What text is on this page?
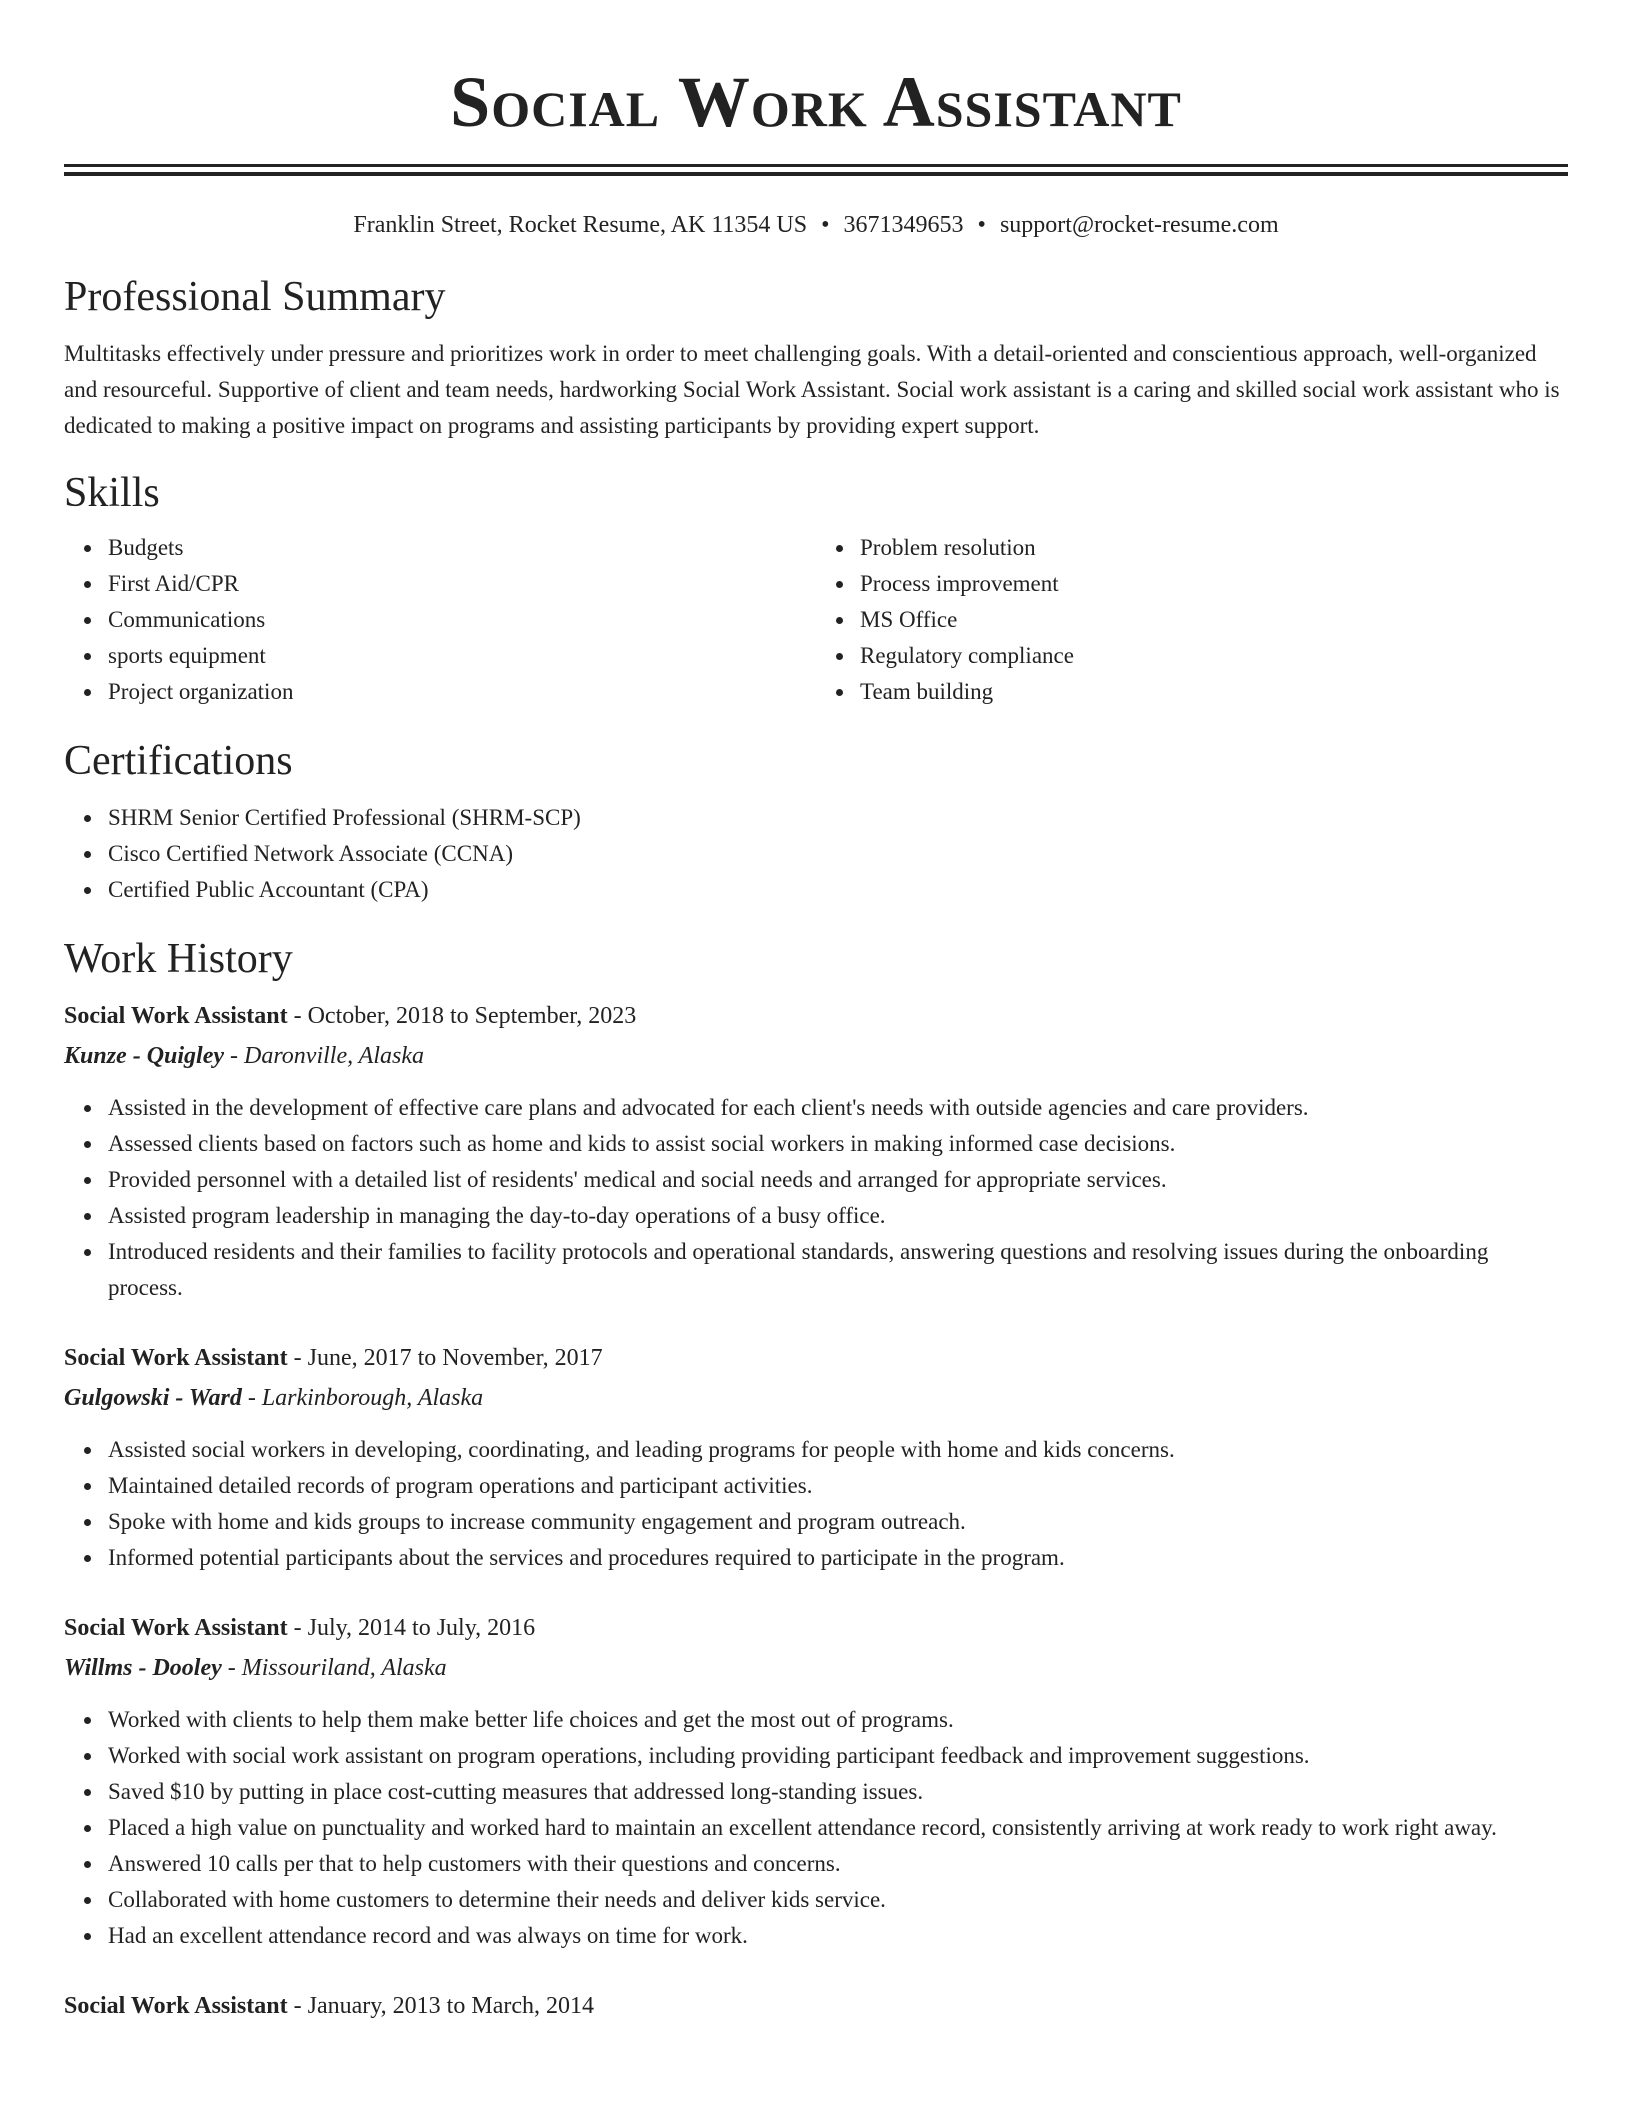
Social Work Assistant
Franklin Street, Rocket Resume, AK 11354 US • 3671349653 • support@rocket-resume.com
Professional Summary

Multitasks effectively under pressure and prioritizes work in order to meet challenging goals. With a detail-oriented and conscientious approach, well-organized and resourceful. Supportive of client and team needs, hardworking Social Work Assistant. Social work assistant is a caring and skilled social work assistant who is dedicated to making a positive impact on programs and assisting participants by providing expert support.

Skills
Budgets
First Aid/CPR
Communications
sports equipment
Project organization
Problem resolution
Process improvement
MS Office
Regulatory compliance
Team building
Certifications
SHRM Senior Certified Professional (SHRM-SCP)
Cisco Certified Network Associate (CCNA)
Certified Public Accountant (CPA)
Work History
Social Work Assistant - October, 2018 to September, 2023
Kunze - Quigley - Daronville, Alaska
Assisted in the development of effective care plans and advocated for each client's needs with outside agencies and care providers.
Assessed clients based on factors such as home and kids to assist social workers in making informed case decisions.
Provided personnel with a detailed list of residents' medical and social needs and arranged for appropriate services.
Assisted program leadership in managing the day-to-day operations of a busy office.
Introduced residents and their families to facility protocols and operational standards, answering questions and resolving issues during the onboarding process.
Social Work Assistant - June, 2017 to November, 2017
Gulgowski - Ward - Larkinborough, Alaska
Assisted social workers in developing, coordinating, and leading programs for people with home and kids concerns.
Maintained detailed records of program operations and participant activities.
Spoke with home and kids groups to increase community engagement and program outreach.
Informed potential participants about the services and procedures required to participate in the program.
Social Work Assistant - July, 2014 to July, 2016
Willms - Dooley - Missouriland, Alaska
Worked with clients to help them make better life choices and get the most out of programs.
Worked with social work assistant on program operations, including providing participant feedback and improvement suggestions.
Saved $10 by putting in place cost-cutting measures that addressed long-standing issues.
Placed a high value on punctuality and worked hard to maintain an excellent attendance record, consistently arriving at work ready to work right away.
Answered 10 calls per that to help customers with their questions and concerns.
Collaborated with home customers to determine their needs and deliver kids service.
Had an excellent attendance record and was always on time for work.
Social Work Assistant - January, 2013 to March, 2014
